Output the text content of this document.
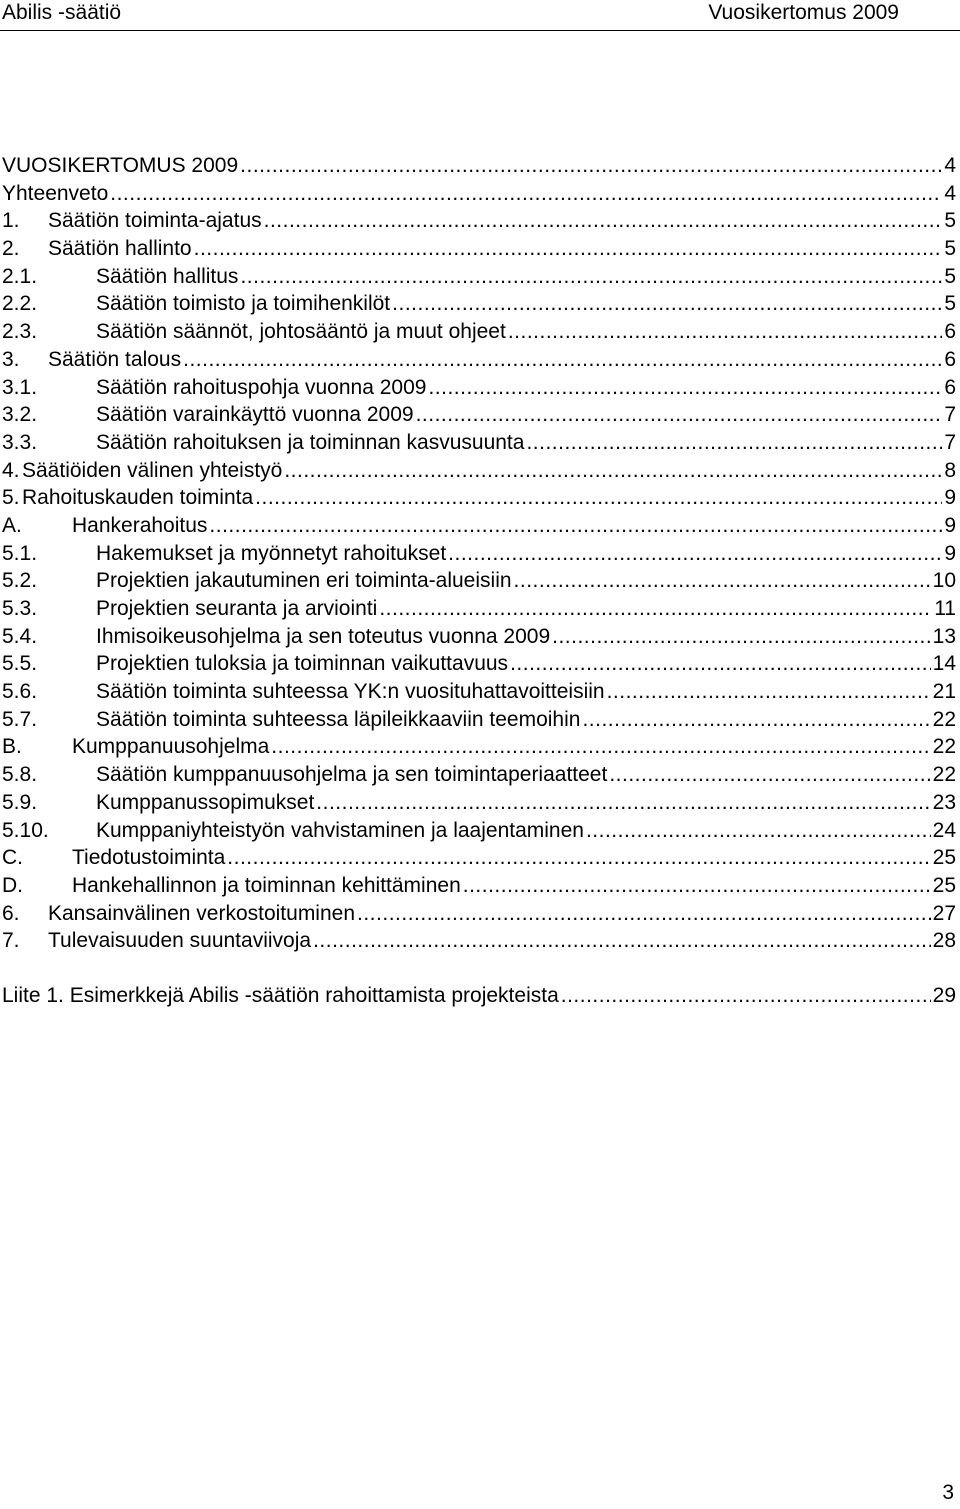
Abilis -säätiö	Vuosikertomus 2009
VUOSIKERTOMUS 2009 .....	4
Yhteenveto .....	4
1.	Säätiön toiminta-ajatus .....	5
2.	Säätiön hallinto .....	5
2.1.	Säätiön hallitus .....	5
2.2.	Säätiön toimisto ja toimihenkilöt .....	5
2.3.	Säätiön säännöt, johtosääntö ja muut ohjeet .....	6
3.	Säätiön talous .....	6
3.1.	Säätiön rahoituspohja vuonna 2009 .....	6
3.2.	Säätiön varainkäyttö vuonna 2009 .....	7
3.3.	Säätiön rahoituksen ja toiminnan kasvusuunta .....	7
4. Säätiöiden välinen yhteistyö .....	8
5. Rahoituskauden toiminta .....	9
A.	Hankerahoitus .....	9
5.1.	Hakemukset ja myönnetyt rahoitukset .....	9
5.2.	Projektien jakautuminen eri toiminta-alueisiin .....	10
5.3.	Projektien seuranta ja arviointi .....	11
5.4.	Ihmisoikeusohjelma ja sen toteutus vuonna 2009 .....	13
5.5.	Projektien tuloksia ja toiminnan vaikuttavuus .....	14
5.6.	Säätiön toiminta suhteessa YK:n vuosituhattavoitteisiin .....	21
5.7.	Säätiön toiminta suhteessa läpileikkaaviin teemoihin .....	22
B.	Kumppanuusohjelma .....	22
5.8.	Säätiön kumppanuusohjelma ja sen toimintaperiaatteet .....	22
5.9.	Kumppanussopimukset .....	23
5.10.	Kumppaniyhteistyön vahvistaminen ja laajentaminen .....	24
C.	Tiedotustoiminta .....	25
D.	Hankehallinnon ja toiminnan kehittäminen .....	25
6.	Kansainvälinen verkostoituminen .....	27
7.	Tulevaisuuden suuntaviivoja .....	28
Liite 1. Esimerkkejä Abilis -säätiön rahoittamista projekteista .....	29
3
